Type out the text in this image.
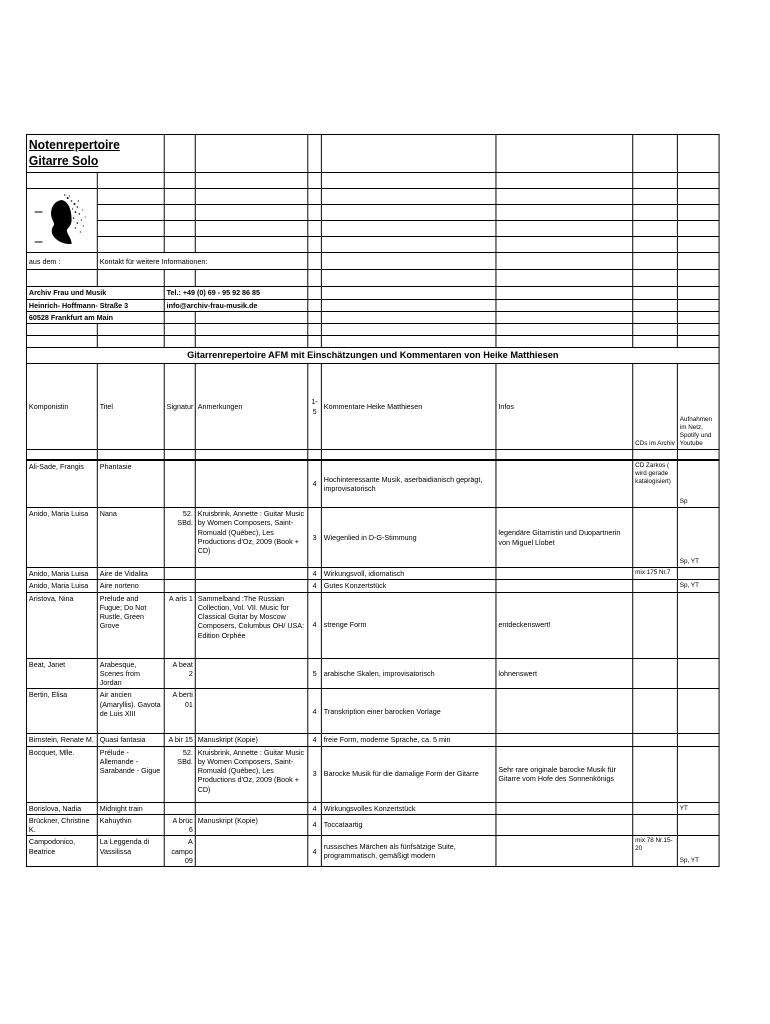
Notenrepertoire Gitarre Solo								

aus dem :	Kontakt für weitere Informationen:							

Archiv Frau und Musik		Tel.: +49 (0) 69 - 95 92 86 85						
Heinrich- Hoffmann- Straße 3		info@archiv-frau-musik.de						
60528 Frankfurt am Main								

Gitarrenrepertoire AFM mit Einschätzungen und Kommentaren von Heike Matthiesen								
Komponistin	Titel	Signatur	Anmerkungen	1-5	Kommentare Heike Matthiesen	Infos	CDs im Archiv	Aufnahmen im Netz, Spotify und Youtube

Ali-Sade, Frangis	Phantasie			4	Hochinteressante Musik, aserbaidianisch geprägt, improvisatorisch		CD Zarkos ( wird gerade katalogisiert)	Sp
Anido, Maria Luisa	Nana	52. SBd.	Kruisbrink, Annette : Guitar Music by Women Composers, Saint-Romuald (Québec), Les Productions d'Oz, 2009 (Book + CD)	3	Wiegenlied in D-G-Stimmung	legendäre Gitarristin und Duopartnerin von Miguel Llobet		Sp, YT
Anido, Maria Luisa	Aire de Vidalita			4	Wirkungsvoll, idiomatisch		mix 175 Nr.7	
Anido, Maria Luisa	Aire norteno			4	Gutes Konzertstück			Sp, YT
Aristova, Nina	Prelude and Fugue; Do Not Rustle, Green Grove	A aris 1	Sammelband :The Russian Collection, Vol. VII. Music for Classical Guitar by Moscow Composers, Columbus OH/ USA: Edition Orphée	4	strenge Form	entdeckenswert!		
Beat, Janet	Arabesque, Scenes from Jordan	A beat 2		5	arabische Skalen, improvisatorisch	lohnenswert		
Bertin, Elisa	Air ancien (Amaryllis). Gavota de Luis XIII	A berti 01		4	Transkription einer barocken Vorlage			
Birnstein, Renate M.	Quasi fantasia	A bir 15	Manuskript (Kopie)	4	freie Form, moderne Sprache, ca. 5 min			
Bocquet, Mlle.	Prélude - Allemande - Sarabande - Gigue	52. SBd.	Kruisbrink, Annette : Guitar Music by Women Composers, Saint-Romuald (Québec), Les Productions d'Oz, 2009 (Book + CD)	3	Barocke Musik für die damalige Form der Gitarre	Sehr rare originale barocke Musik für Gitarre vom Hofe des Sonnenkönigs		
Borislova, Nadia	Midnight train			4	Wirkungsvolles Konzertstück			YT
Brückner, Christine K.	Kahuythin	A brüc 6	Manuskript (Kopie)	4	Toccataartig			
Campodonico, Beatrice	La Leggenda di Vassilissa	A campo 09		4	russisches Märchen als fünfsätzige Suite, programmatisch, gemäßigt modern		mix 78 Nr.15-20	Sp, YT
